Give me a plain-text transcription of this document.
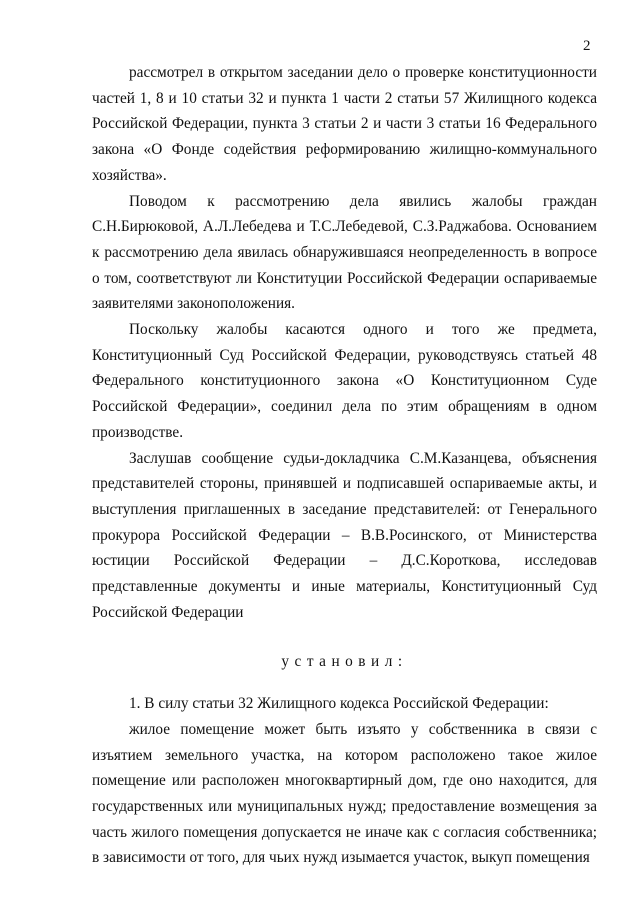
2

рассмотрел в открытом заседании дело о проверке конституционности частей 1, 8 и 10 статьи 32 и пункта 1 части 2 статьи 57 Жилищного кодекса Российской Федерации, пункта 3 статьи 2 и части 3 статьи 16 Федерального закона «О Фонде содействия реформированию жилищно-коммунального хозяйства».

Поводом к рассмотрению дела явились жалобы граждан С.Н.Бирюковой, А.Л.Лебедева и Т.С.Лебедевой, С.З.Раджабова. Основанием к рассмотрению дела явилась обнаружившаяся неопределенность в вопросе о том, соответствуют ли Конституции Российской Федерации оспариваемые заявителями законоположения.

Поскольку жалобы касаются одного и того же предмета, Конституционный Суд Российской Федерации, руководствуясь статьей 48 Федерального конституционного закона «О Конституционном Суде Российской Федерации», соединил дела по этим обращениям в одном производстве.

Заслушав сообщение судьи-докладчика С.М.Казанцева, объяснения представителей стороны, принявшей и подписавшей оспариваемые акты, и выступления приглашенных в заседание представителей: от Генерального прокурора Российской Федерации – В.В.Росинского, от Министерства юстиции Российской Федерации – Д.С.Короткова, исследовав представленные документы и иные материалы, Конституционный Суд Российской Федерации

установил:

1. В силу статьи 32 Жилищного кодекса Российской Федерации:

жилое помещение может быть изъято у собственника в связи с изъятием земельного участка, на котором расположено такое жилое помещение или расположен многоквартирный дом, где оно находится, для государственных или муниципальных нужд; предоставление возмещения за часть жилого помещения допускается не иначе как с согласия собственника; в зависимости от того, для чьих нужд изымается участок, выкуп помещения
